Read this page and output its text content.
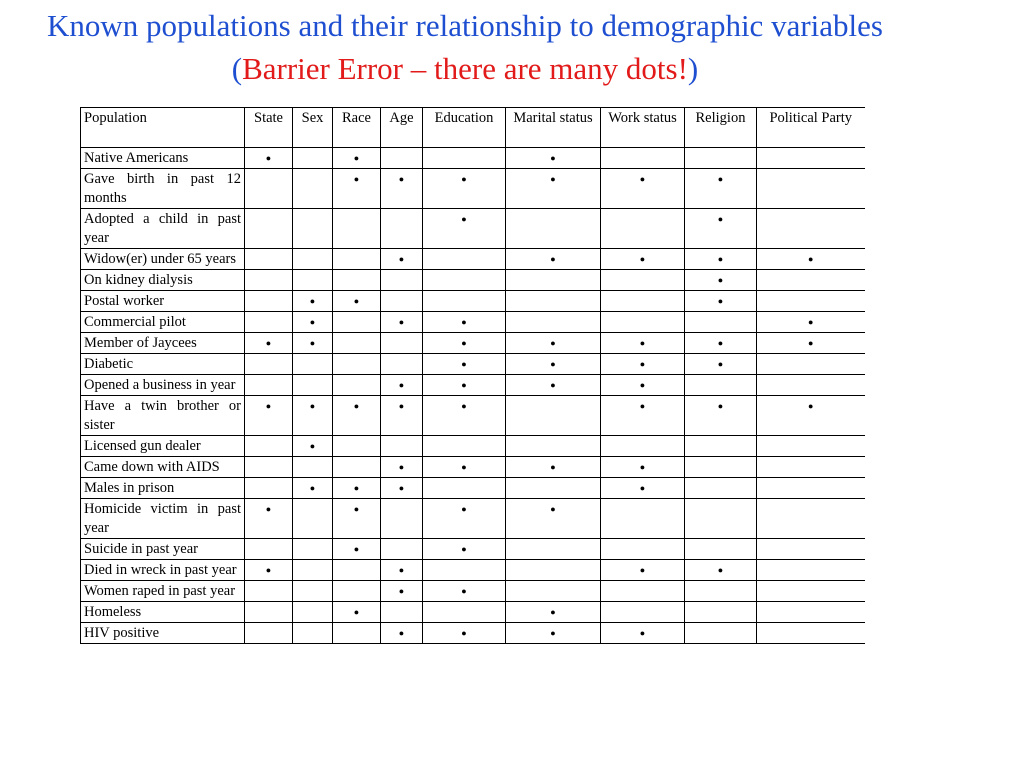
Known populations and their relationship to demographic variables (Barrier Error – there are many dots!)
Population	State	Sex	Race	Age	Education	Marital status	Work status	Religion	Political Party
Native Americans	●		●			●			
Gave birth in past 12 months			●	●	●	●	●	●	
Adopted a child in past year					●			●	
Widow(er) under 65 years				●		●	●	●	●
On kidney dialysis								●	
Postal worker		●	●					●	
Commercial pilot		●		●	●				●
Member of Jaycees	●	●			●	●	●	●	●
Diabetic					●	●	●	●	
Opened a business in year				●	●	●	●		
Have a twin brother or sister	●	●	●	●	●		●	●	●
Licensed gun dealer		●							
Came down with AIDS				●	●	●	●		
Males in prison		●	●	●			●		
Homicide victim in past year	●		●		●	●			
Suicide in past year			●		●				
Died in wreck in past year	●			●			●	●	
Women raped in past year				●	●				
Homeless			●			●			
HIV positive				●	●	●	●		
